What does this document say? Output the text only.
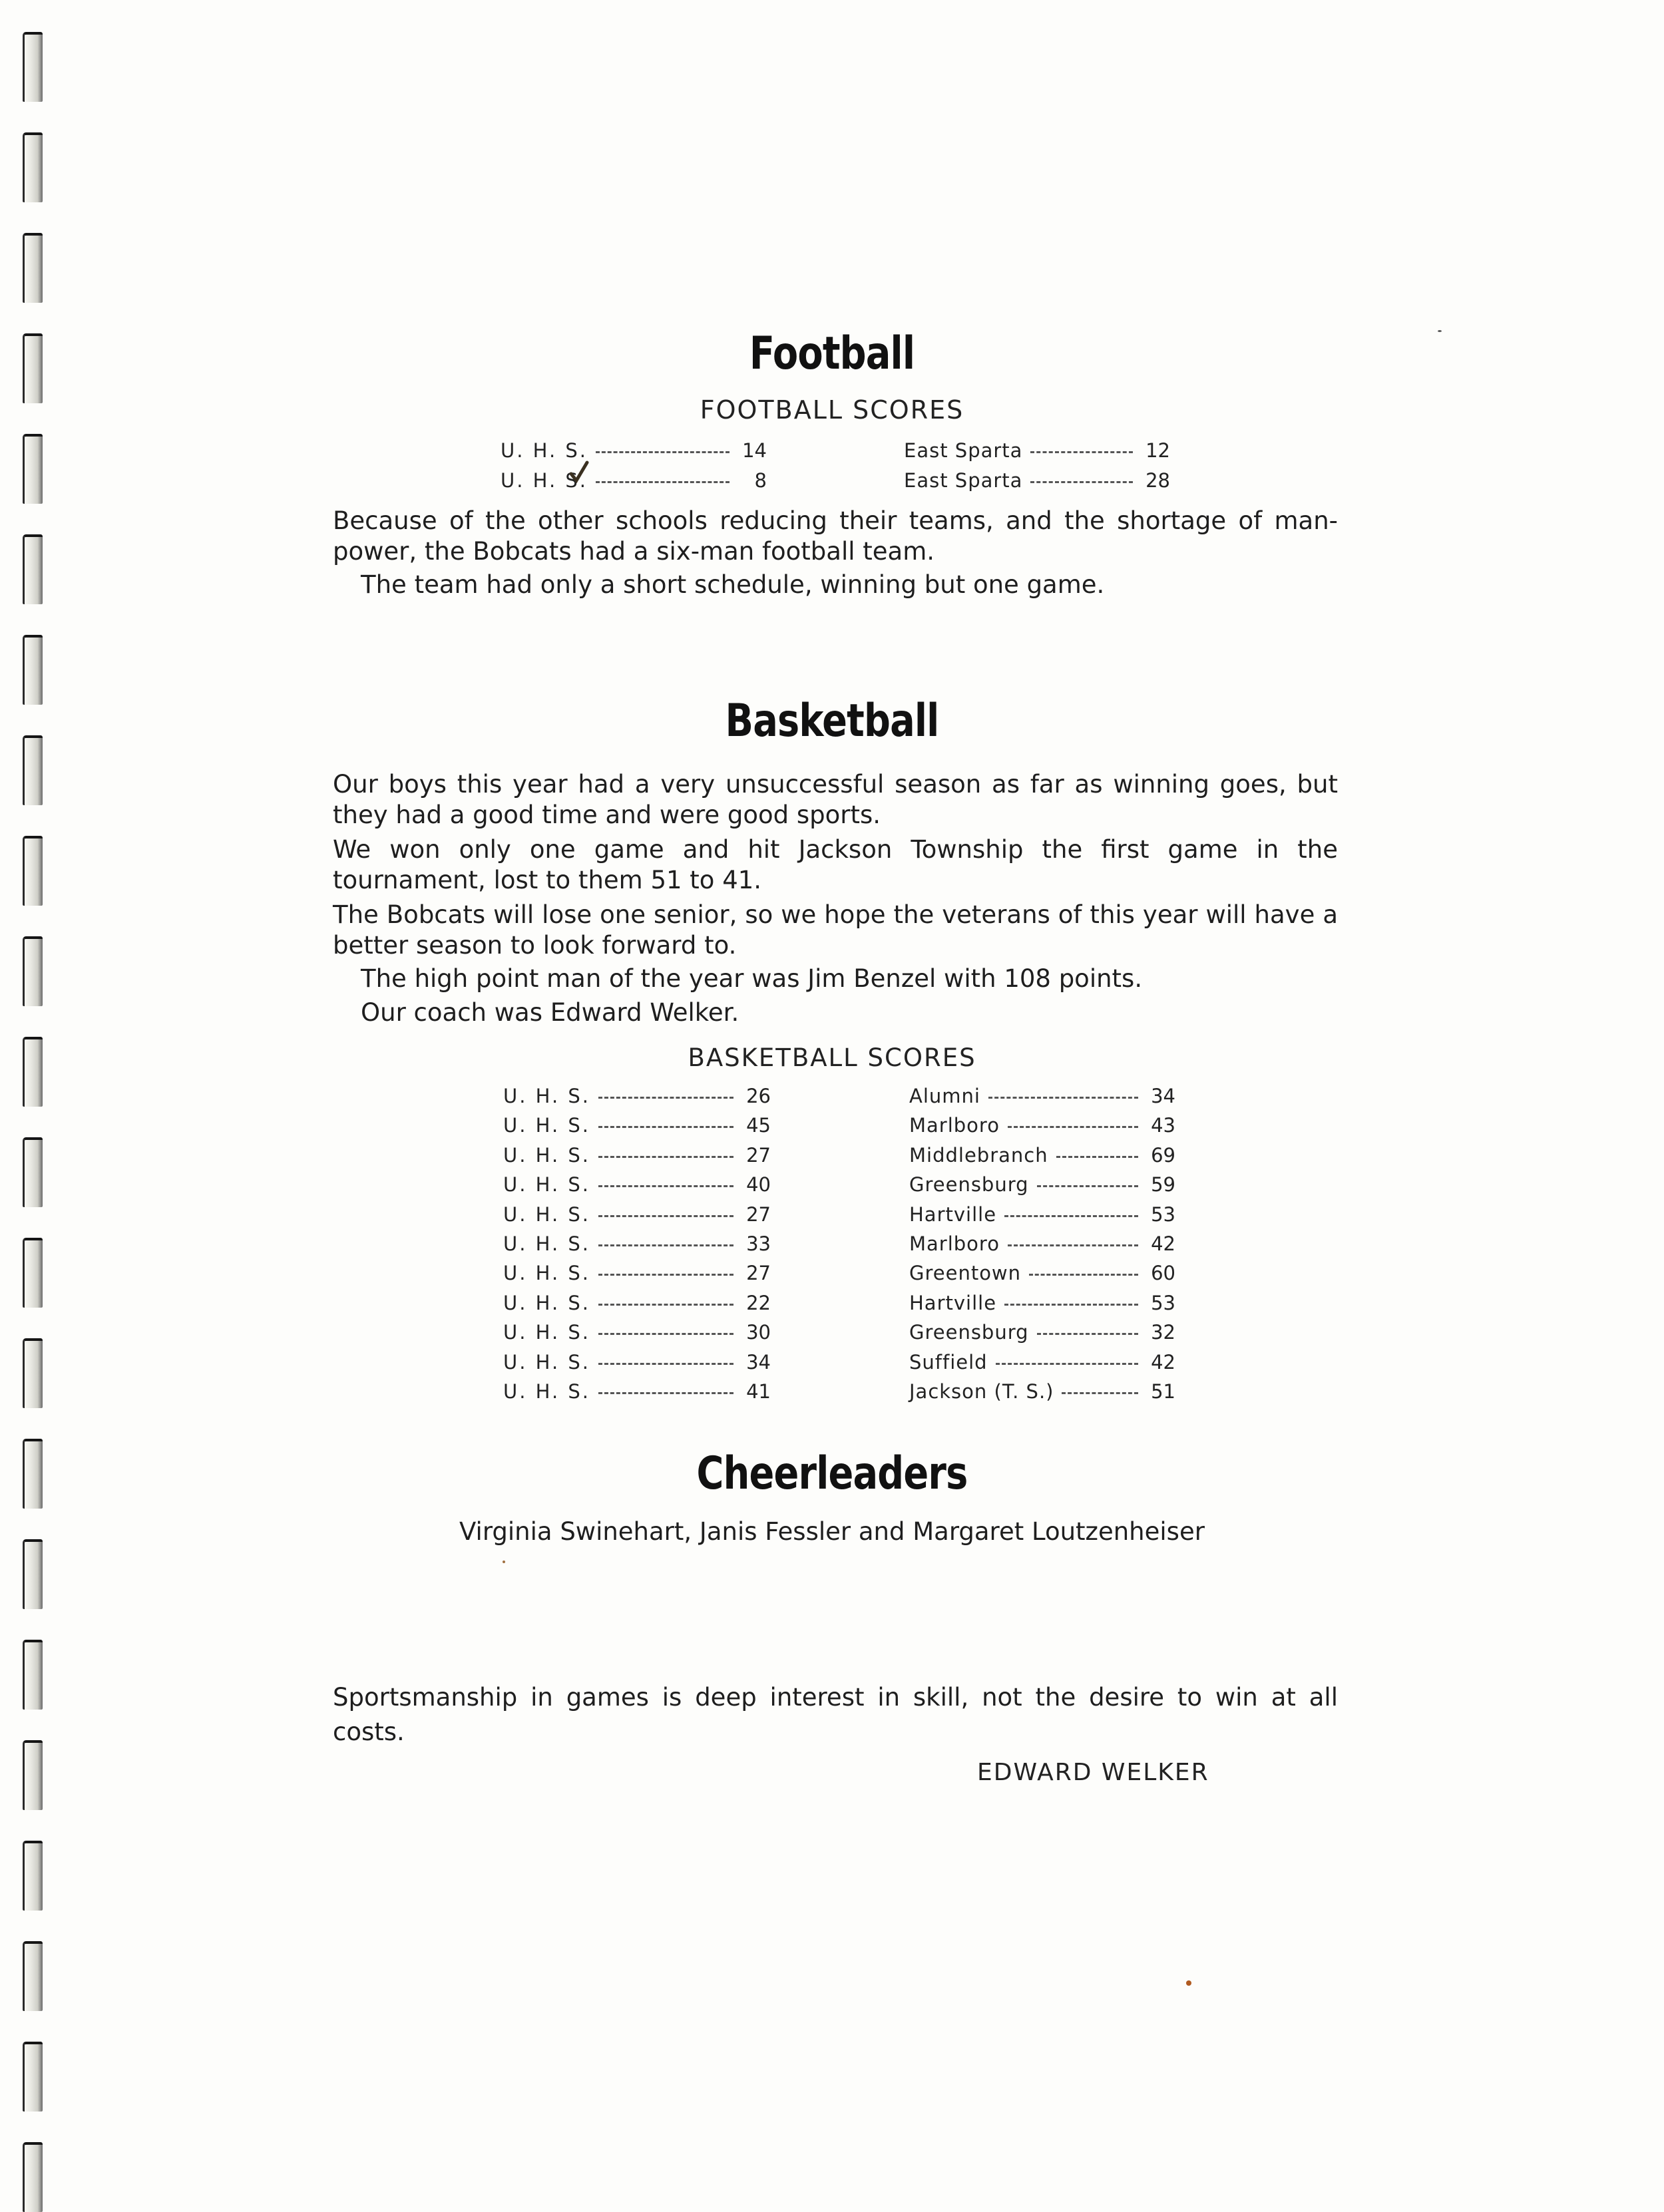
Football
FOOTBALL SCORES
U. H. S.	14	East Sparta	12
U. H. S.	8	East Sparta	28
Because of the other schools reducing their teams, and the shortage of man-power, the Bobcats had a six-man football team.
The team had only a short schedule, winning but one game.
Basketball
Our boys this year had a very unsuccessful season as far as winning goes, but they had a good time and were good sports.
We won only one game and hit Jackson Township the first game in the tournament, lost to them 51 to 41.
The Bobcats will lose one senior, so we hope the veterans of this year will have a better season to look forward to.
The high point man of the year was Jim Benzel with 108 points.
Our coach was Edward Welker.
BASKETBALL SCORES
U. H. S.	26	Alumni	34
U. H. S.	45	Marlboro	43
U. H. S.	27	Middlebranch	69
U. H. S.	40	Greensburg	59
U. H. S.	27	Hartville	53
U. H. S.	33	Marlboro	42
U. H. S.	27	Greentown	60
U. H. S.	22	Hartville	53
U. H. S.	30	Greensburg	32
U. H. S.	34	Suffield	42
U. H. S.	41	Jackson (T. S.)	51
Cheerleaders
Virginia Swinehart, Janis Fessler and Margaret Loutzenheiser
Sportsmanship in games is deep interest in skill, not the desire to win at all costs.
EDWARD WELKER
